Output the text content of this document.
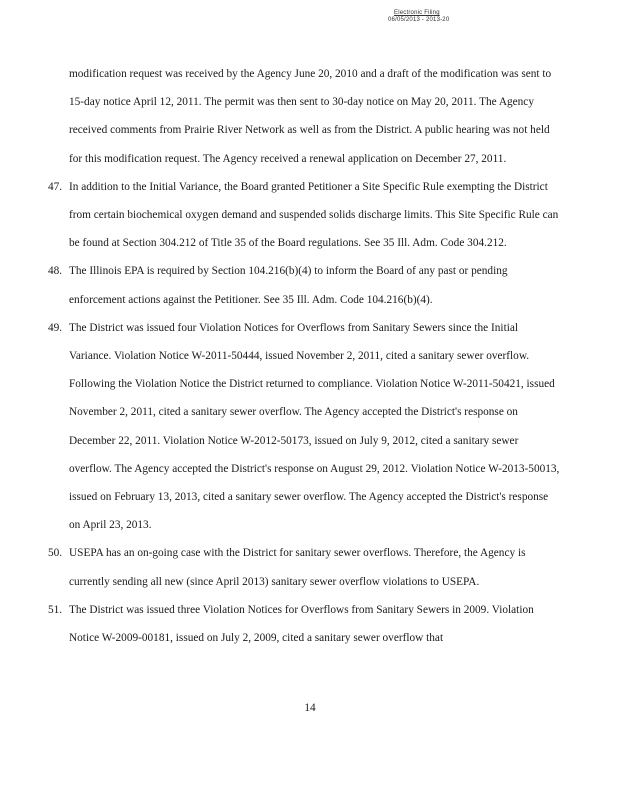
Electronic Filing
06/05/2013 - 2013-20

modification request was received by the Agency June 20, 2010 and a draft of the modification was sent to 15-day notice April 12, 2011. The permit was then sent to 30-day notice on May 20, 2011. The Agency received comments from Prairie River Network as well as from the District. A public hearing was not held for this modification request. The Agency received a renewal application on December 27, 2011.

47. In addition to the Initial Variance, the Board granted Petitioner a Site Specific Rule exempting the District from certain biochemical oxygen demand and suspended solids discharge limits. This Site Specific Rule can be found at Section 304.212 of Title 35 of the Board regulations. See 35 Ill. Adm. Code 304.212.
48. The Illinois EPA is required by Section 104.216(b)(4) to inform the Board of any past or pending enforcement actions against the Petitioner. See 35 Ill. Adm. Code 104.216(b)(4).
49. The District was issued four Violation Notices for Overflows from Sanitary Sewers since the Initial Variance. Violation Notice W-2011-50444, issued November 2, 2011, cited a sanitary sewer overflow. Following the Violation Notice the District returned to compliance. Violation Notice W-2011-50421, issued November 2, 2011, cited a sanitary sewer overflow. The Agency accepted the District's response on December 22, 2011. Violation Notice W-2012-50173, issued on July 9, 2012, cited a sanitary sewer overflow. The Agency accepted the District's response on August 29, 2012. Violation Notice W-2013-50013, issued on February 13, 2013, cited a sanitary sewer overflow. The Agency accepted the District's response on April 23, 2013.
50. USEPA has an on-going case with the District for sanitary sewer overflows. Therefore, the Agency is currently sending all new (since April 2013) sanitary sewer overflow violations to USEPA.
51. The District was issued three Violation Notices for Overflows from Sanitary Sewers in 2009. Violation Notice W-2009-00181, issued on July 2, 2009, cited a sanitary sewer overflow that
14
